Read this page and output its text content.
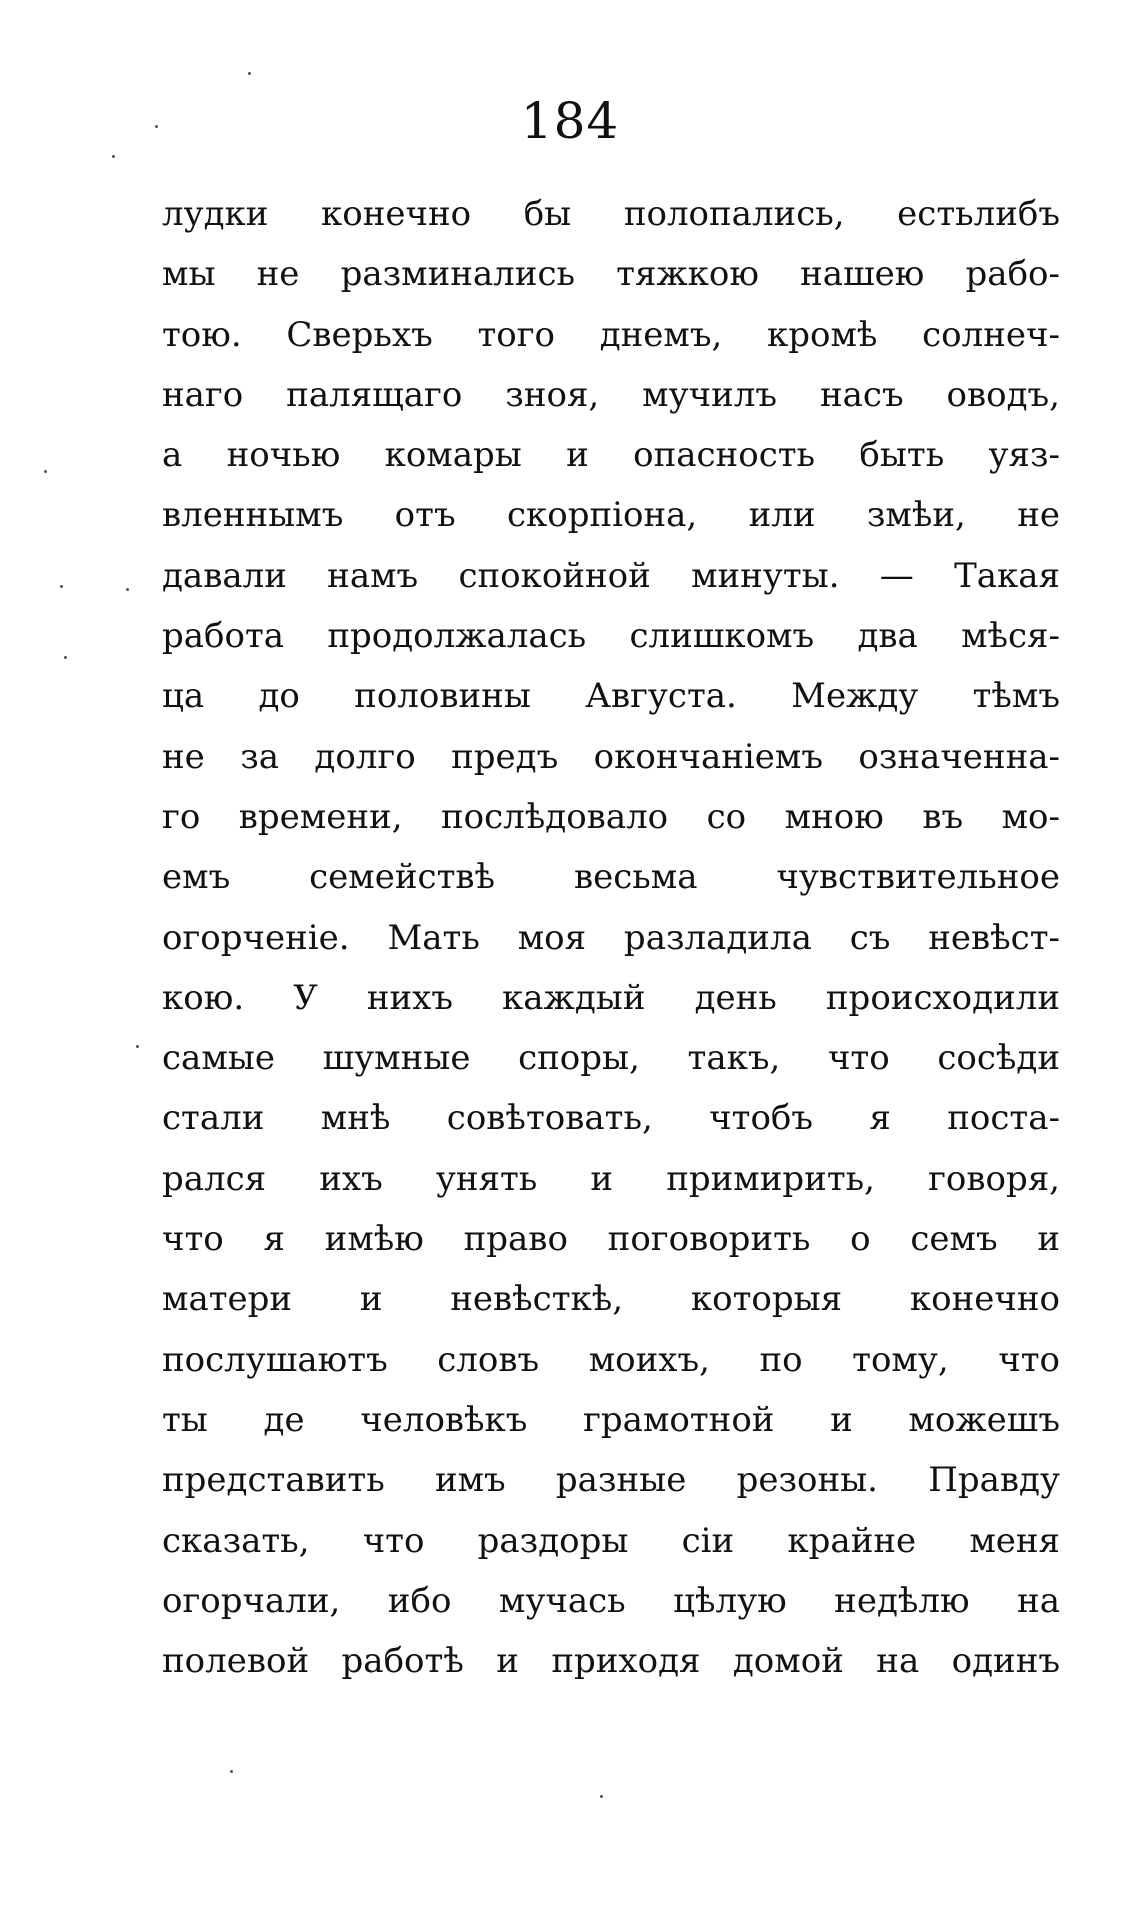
184
лудки конечно бы полопались, естьлибъ
мы не разминались тяжкою нашею рабо-
тою. Сверьхъ того днемъ, кромѣ солнеч-
наго палящаго зноя, мучилъ насъ оводъ,
а ночью комары и опасность быть уяз-
вленнымъ отъ скорпіона, или змѣи, не
давали намъ спокойной минуты. — Такая
работа продолжалась слишкомъ два мѣся-
ца до половины Августа. Между тѣмъ
не за долго предъ окончаніемъ означенна-
го времени, послѣдовало со мною въ мо-
емъ семействѣ весьма чувствительное
огорченіе. Мать моя разладила съ невѣст-
кою. У нихъ каждый день происходили
самые шумные споры, такъ, что сосѣди
стали мнѣ совѣтовать, чтобъ я поста-
рался ихъ унять и примирить, говоря,
что я имѣю право поговорить о семъ и
матери и невѣсткѣ, которыя конечно
послушаютъ словъ моихъ, по тому, что
ты де человѣкъ грамотной и можешъ
представить имъ разные резоны. Правду
сказать, что раздоры сіи крайне меня
огорчали, ибо мучась цѣлую недѣлю на
полевой работѣ и приходя домой на одинъ
